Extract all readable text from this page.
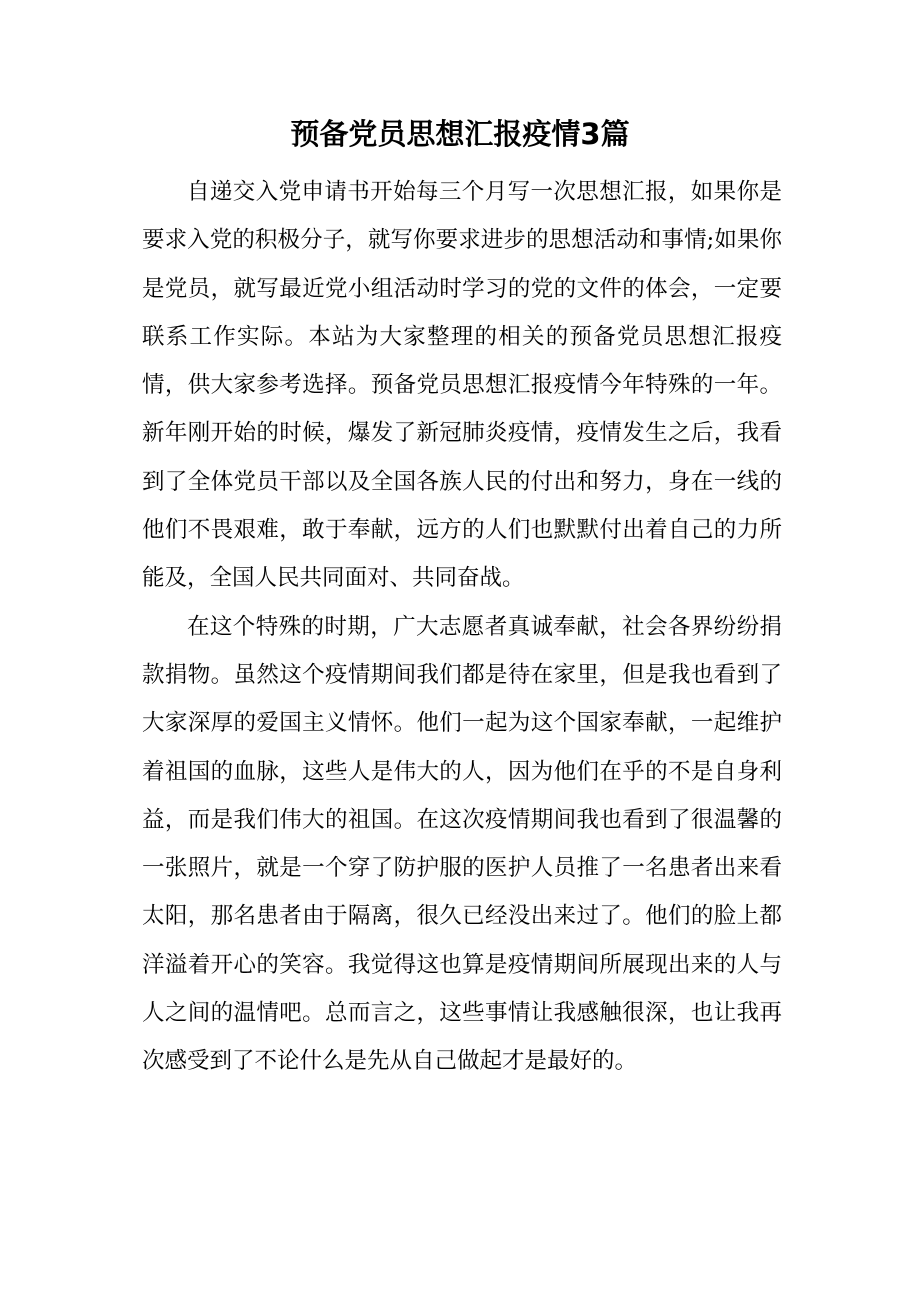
预备党员思想汇报疫情3篇

自递交入党申请书开始每三个月写一次思想汇报，如果你是要求入党的积极分子，就写你要求进步的思想活动和事情;如果你是党员，就写最近党小组活动时学习的党的文件的体会，一定要联系工作实际。本站为大家整理的相关的预备党员思想汇报疫情，供大家参考选择。预备党员思想汇报疫情今年特殊的一年。新年刚开始的时候，爆发了新冠肺炎疫情，疫情发生之后，我看到了全体党员干部以及全国各族人民的付出和努力，身在一线的他们不畏艰难，敢于奉献，远方的人们也默默付出着自己的力所能及，全国人民共同面对、共同奋战。

在这个特殊的时期，广大志愿者真诚奉献，社会各界纷纷捐款捐物。虽然这个疫情期间我们都是待在家里，但是我也看到了大家深厚的爱国主义情怀。他们一起为这个国家奉献，一起维护着祖国的血脉，这些人是伟大的人，因为他们在乎的不是自身利益，而是我们伟大的祖国。在这次疫情期间我也看到了很温馨的一张照片，就是一个穿了防护服的医护人员推了一名患者出来看太阳，那名患者由于隔离，很久已经没出来过了。他们的脸上都洋溢着开心的笑容。我觉得这也算是疫情期间所展现出来的人与人之间的温情吧。总而言之，这些事情让我感触很深，也让我再次感受到了不论什么是先从自己做起才是最好的。
